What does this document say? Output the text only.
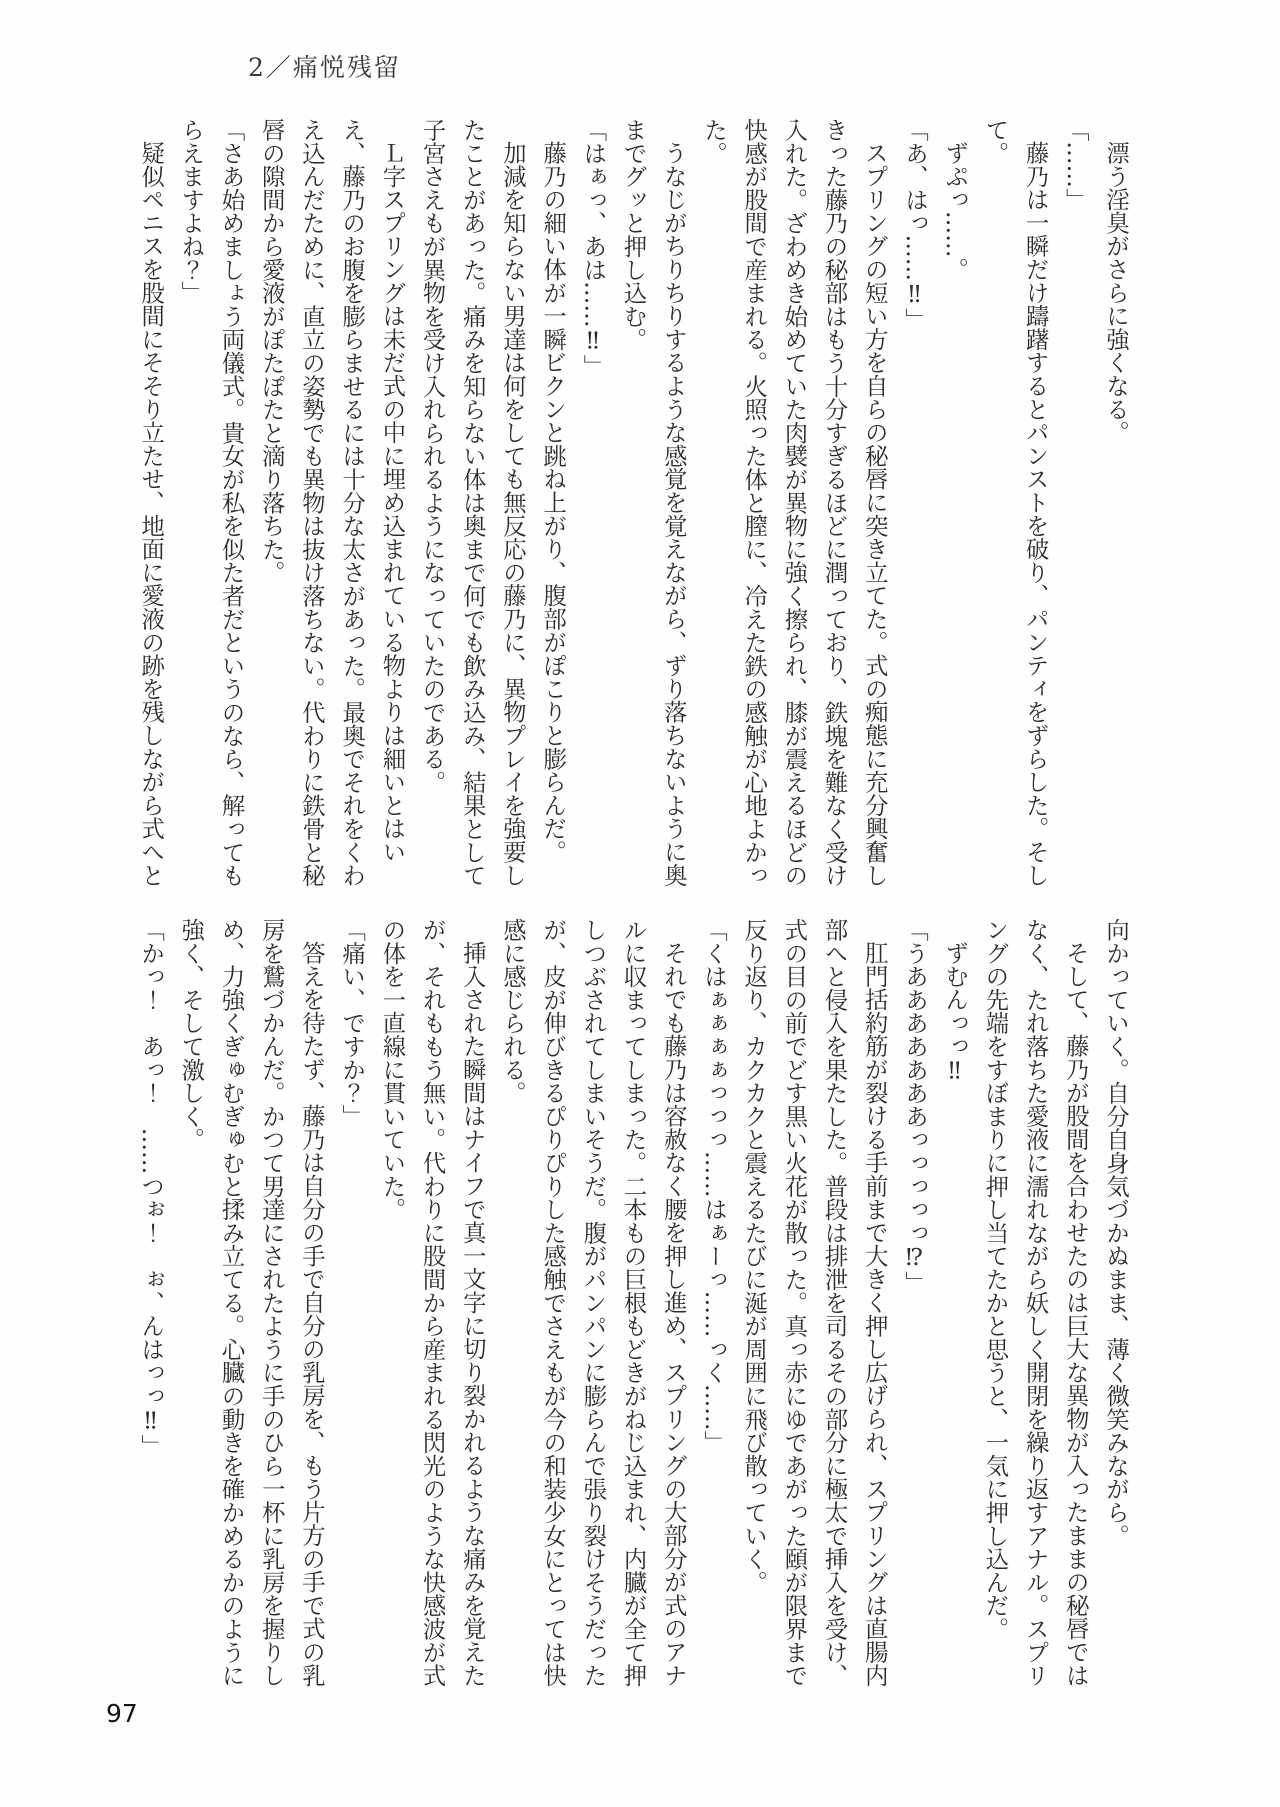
2／痛悦残留

漂う淫臭がさらに強くなる。

「……」

藤乃は一瞬だけ躊躇するとパンストを破り、パンティをずらした。そし

て。

ずぷっ……。

「あ、はっ……‼」

スプリングの短い方を自らの秘唇に突き立てた。式の痴態に充分興奮し

きった藤乃の秘部はもう十分すぎるほどに潤っており、鉄塊を難なく受け

入れた。ざわめき始めていた肉襞が異物に強く擦られ、膝が震えるほどの

快感が股間で産まれる。火照った体と膣に、冷えた鉄の感触が心地よかっ

た。

うなじがちりちりするような感覚を覚えながら、ずり落ちないように奥

までグッと押し込む。

「はぁっ、あは……‼」

藤乃の細い体が一瞬ビクンと跳ね上がり、腹部がぽこりと膨らんだ。

加減を知らない男達は何をしても無反応の藤乃に、異物プレイを強要し

たことがあった。痛みを知らない体は奥まで何でも飲み込み、結果として

子宮さえもが異物を受け入れられるようになっていたのである。

Ｌ字スプリングは未だ式の中に埋め込まれている物よりは細いとはい

え、藤乃のお腹を膨らませるには十分な太さがあった。最奥でそれをくわ

え込んだために、直立の姿勢でも異物は抜け落ちない。代わりに鉄骨と秘

唇の隙間から愛液がぽたぽたと滴り落ちた。

「さあ始めましょう両儀式。貴女が私を似た者だというのなら、解っても

らえますよね？」

疑似ペニスを股間にそそり立たせ、地面に愛液の跡を残しながら式へと

向かっていく。自分自身気づかぬまま、薄く微笑みながら。

そして、藤乃が股間を合わせたのは巨大な異物が入ったままの秘唇では

なく、たれ落ちた愛液に濡れながら妖しく開閉を繰り返すアナル。スプリ

ングの先端をすぼまりに押し当てたかと思うと、一気に押し込んだ。

ずむんっっ‼

「うあああああああっっっっっ⁉」

肛門括約筋が裂ける手前まで大きく押し広げられ、スプリングは直腸内

部へと侵入を果たした。普段は排泄を司るその部分に極太で挿入を受け、

式の目の前でどす黒い火花が散った。真っ赤にゆであがった頤が限界まで

反り返り、カクカクと震えるたびに涎が周囲に飛び散っていく。

「くはぁぁぁぁっっっ……はぁーっ……っく……」

それでも藤乃は容赦なく腰を押し進め、スプリングの大部分が式のアナ

ルに収まってしまった。二本もの巨根もどきがねじ込まれ、内臓が全て押

しつぶされてしまいそうだ。腹がパンパンに膨らんで張り裂けそうだった

が、皮が伸びきるぴりぴりした感触でさえもが今の和装少女にとっては快

感に感じられる。

挿入された瞬間はナイフで真一文字に切り裂かれるような痛みを覚えた

が、それももう無い。代わりに股間から産まれる閃光のような快感波が式

の体を一直線に貫いていた。

「痛い、ですか？」

答えを待たず、藤乃は自分の手で自分の乳房を、もう片方の手で式の乳

房を鷲づかんだ。かつて男達にされたように手のひら一杯に乳房を握りし

め、力強くぎゅむぎゅむと揉み立てる。心臓の動きを確かめるかのように

強く、そして激しく。

「かっ！　あっ！　……つぉ！　ぉ、んはっっ‼」

97
